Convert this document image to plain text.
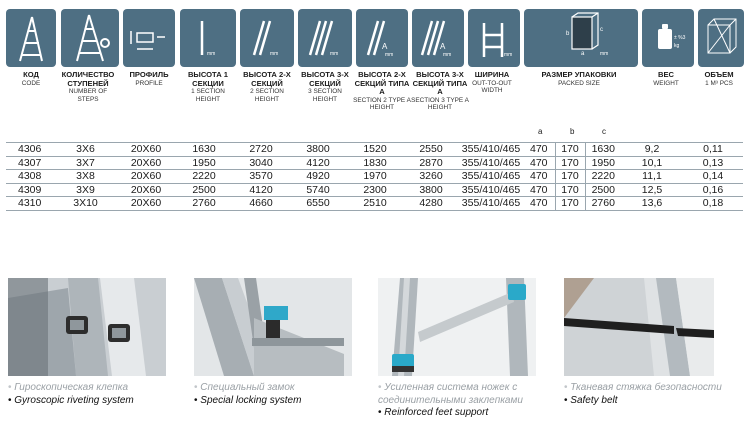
mm	mm	mm
A
mm
A
mm	mm
b
c
a	mm
± %3
kg
КОД
CODE
КОЛИЧЕСТВО СТУПЕНЕЙ
NUMBER OF STEPS
ПРОФИЛЬ
PROFILE
ВЫСОТА 1 СЕКЦИИ
1 SECTION HEIGHT
ВЫСОТА 2-Х СЕКЦИЙ
2 SECTION HEIGHT
ВЫСОТА 3-Х СЕКЦИЙ
3 SECTION HEIGHT
ВЫСОТА 2-Х СЕКЦИЙ ТИПА А
SECTION 2 TYPE A HEIGHT
ВЫСОТА 3-Х СЕКЦИЙ ТИПА А
SECTION 3 TYPE A HEIGHT
ШИРИНА
OUT-TO-OUT WIDTH
РАЗМЕР УПАКОВКИ
PACKED SIZE
ВЕС
WEIGHT
ОБЪЕМ
1 M³ PCS
a	b	c
4306	3X6	20X60	1630	2720	3800	1520	2550	355/410/465	470	170	1630	9,2	0,11
4307	3X7	20X60	1950	3040	4120	1830	2870	355/410/465	470	170	1950	10,1	0,13
4308	3X8	20X60	2220	3570	4920	1970	3260	355/410/465	470	170	2220	11,1	0,14
4309	3X9	20X60	2500	4120	5740	2300	3800	355/410/465	470	170	2500	12,5	0,16
4310	3X10	20X60	2760	4660	6550	2510	4280	355/410/465	470	170	2760	13,6	0,18
• Гироскопическая клепка
• Gyroscopic riveting system
• Специальный замок
• Special locking system
• Усиленная система ножек с соединительными заклепками
• Reinforced feet support
• Тканевая стяжка безопасности
• Safety belt
